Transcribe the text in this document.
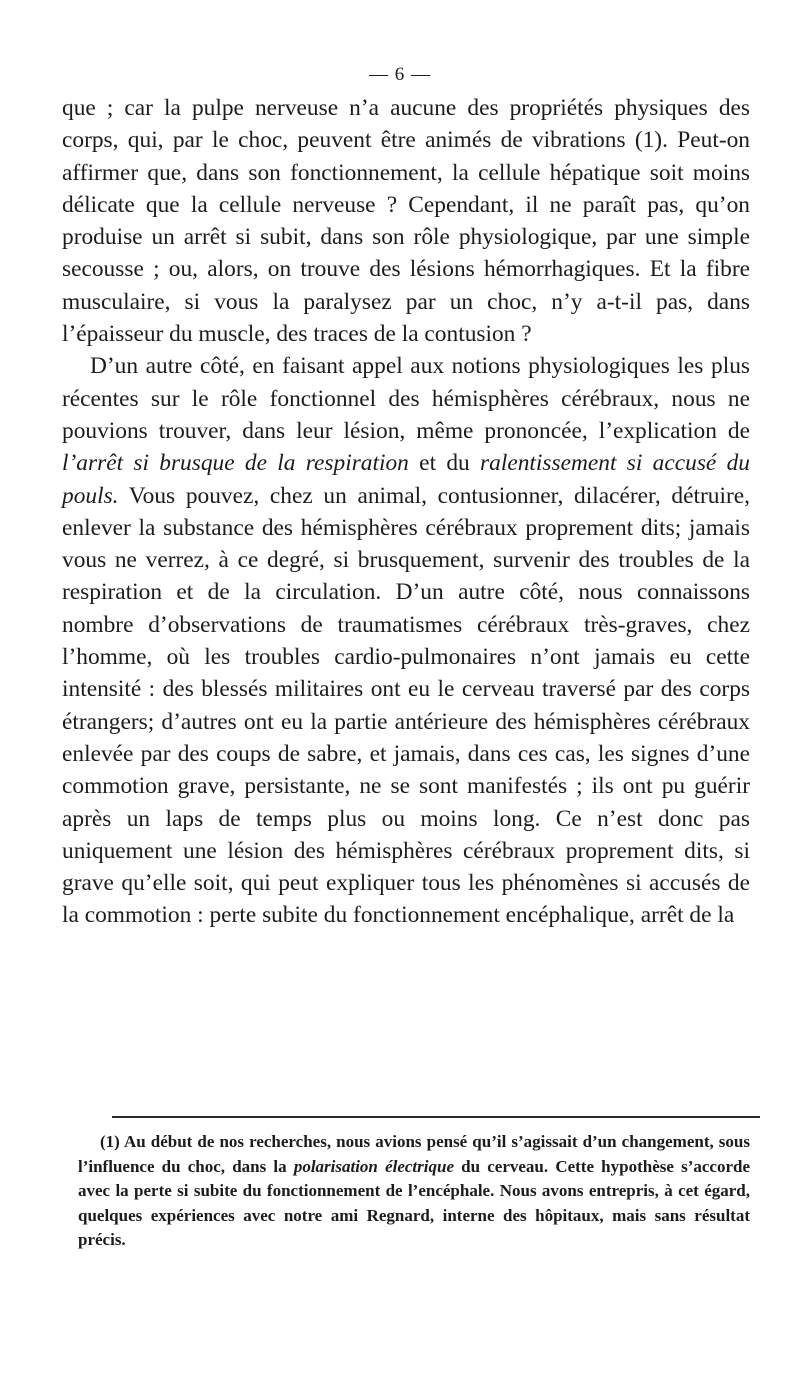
— 6 —

que ; car la pulpe nerveuse n’a aucune des propriétés physiques des corps, qui, par le choc, peuvent être animés de vibrations (1). Peut-on affirmer que, dans son fonctionnement, la cellule hépatique soit moins délicate que la cellule nerveuse ? Cependant, il ne paraît pas, qu’on produise un arrêt si subit, dans son rôle physiologique, par une simple secousse ; ou, alors, on trouve des lésions hémorrhagiques. Et la fibre musculaire, si vous la paralysez par un choc, n’y a-t-il pas, dans l’épaisseur du muscle, des traces de la contusion ?

D’un autre côté, en faisant appel aux notions physiologiques les plus récentes sur le rôle fonctionnel des hémisphères cérébraux, nous ne pouvions trouver, dans leur lésion, même prononcée, l’explication de l’arrêt si brusque de la respiration et du ralentissement si accusé du pouls. Vous pouvez, chez un animal, contusionner, dilacérer, détruire, enlever la substance des hémisphères cérébraux proprement dits; jamais vous ne verrez, à ce degré, si brusquement, survenir des troubles de la respiration et de la circulation. D’un autre côté, nous connaissons nombre d’observations de traumatismes cérébraux très-graves, chez l’homme, où les troubles cardio-pulmonaires n’ont jamais eu cette intensité : des blessés militaires ont eu le cerveau traversé par des corps étrangers; d’autres ont eu la partie antérieure des hémisphères cérébraux enlevée par des coups de sabre, et jamais, dans ces cas, les signes d’une commotion grave, persistante, ne se sont manifestés ; ils ont pu guérir après un laps de temps plus ou moins long. Ce n’est donc pas uniquement une lésion des hémisphères cérébraux proprement dits, si grave qu’elle soit, qui peut expliquer tous les phénomènes si accusés de la commotion : perte subite du fonctionnement encéphalique, arrêt de la

(1) Au début de nos recherches, nous avions pensé qu’il s’agissait d’un changement, sous l’influence du choc, dans la polarisation électrique du cerveau. Cette hypothèse s’accorde avec la perte si subite du fonctionnement de l’encéphale. Nous avons entrepris, à cet égard, quelques expériences avec notre ami Regnard, interne des hôpitaux, mais sans résultat précis.
